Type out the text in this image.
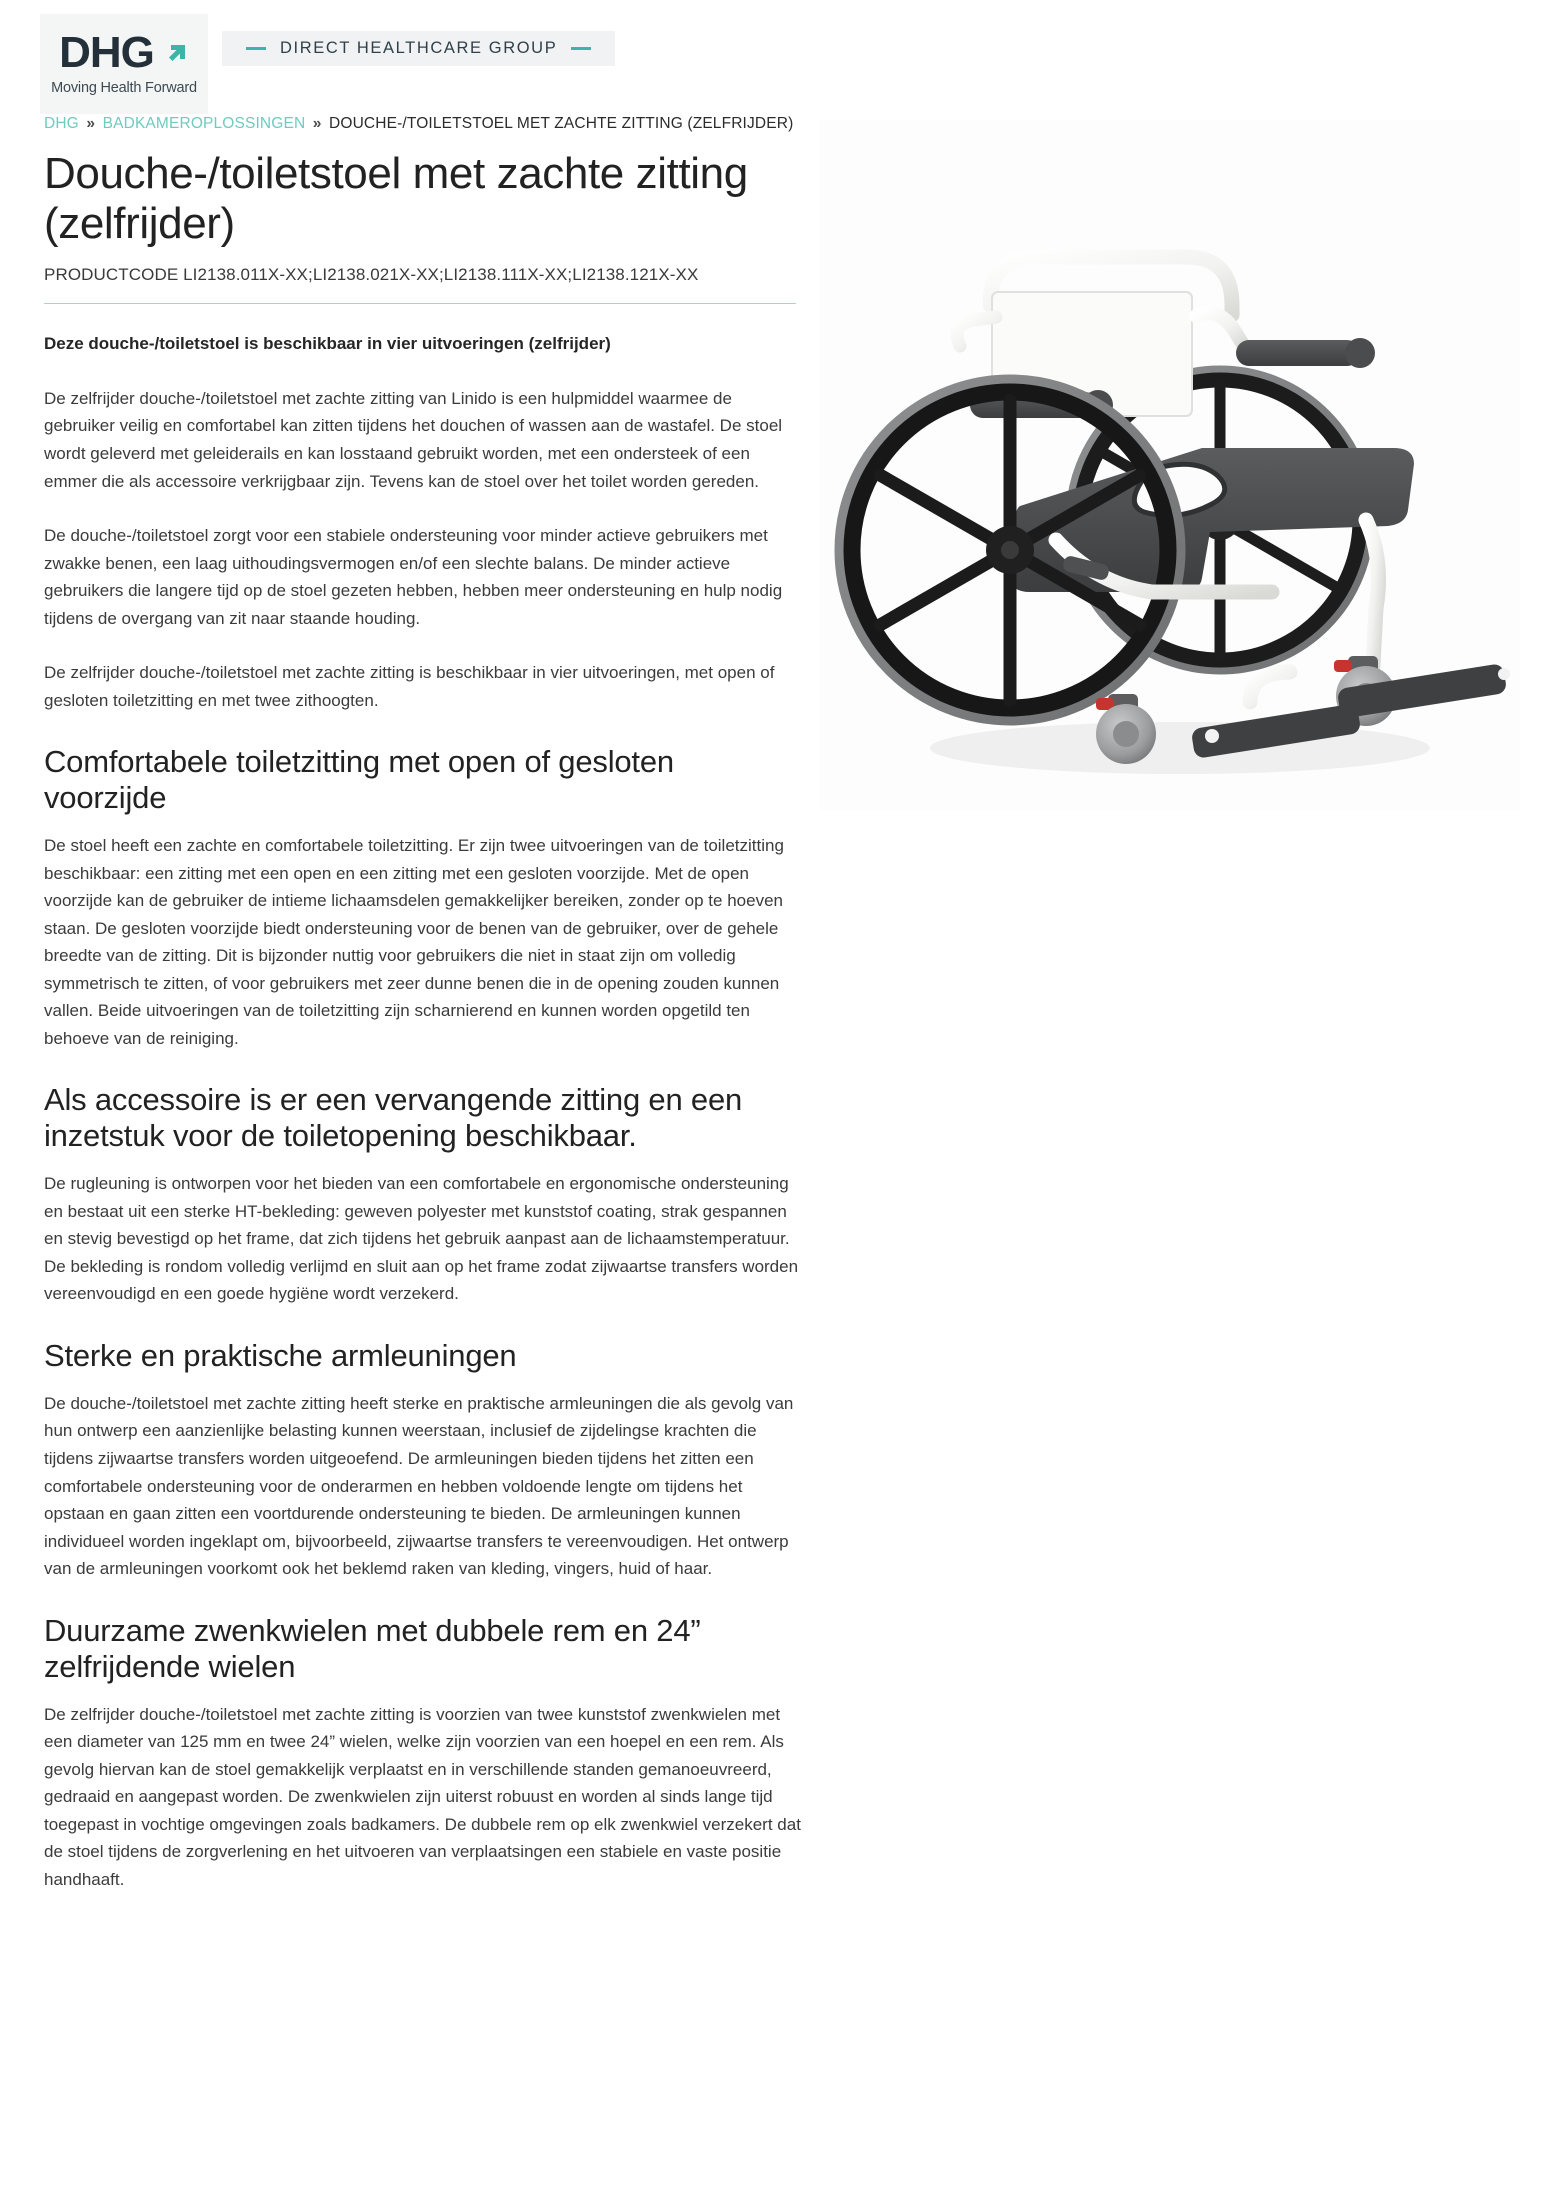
DHG
Moving Health Forward
DIRECT HEALTHCARE GROUP
DHG » BADKAMEROPLOSSINGEN » DOUCHE-/TOILETSTOEL MET ZACHTE ZITTING (ZELFRIJDER)
Douche-/toiletstoel met zachte zitting (zelfrijder)
PRODUCTCODE LI2138.011X-XX;LI2138.021X-XX;LI2138.111X-XX;LI2138.121X-XX

Deze douche-/toiletstoel is beschikbaar in vier uitvoeringen (zelfrijder)

De zelfrijder douche-/toiletstoel met zachte zitting van Linido is een hulpmiddel waarmee de gebruiker veilig en comfortabel kan zitten tijdens het douchen of wassen aan de wastafel. De stoel wordt geleverd met geleiderails en kan losstaand gebruikt worden, met een ondersteek of een emmer die als accessoire verkrijgbaar zijn. Tevens kan de stoel over het toilet worden gereden.

De douche-/toiletstoel zorgt voor een stabiele ondersteuning voor minder actieve gebruikers met zwakke benen, een laag uithoudingsvermogen en/of een slechte balans. De minder actieve gebruikers die langere tijd op de stoel gezeten hebben, hebben meer ondersteuning en hulp nodig tijdens de overgang van zit naar staande houding.

De zelfrijder douche-/toiletstoel met zachte zitting is beschikbaar in vier uitvoeringen, met open of gesloten toiletzitting en met twee zithoogten.

Comfortabele toiletzitting met open of gesloten voorzijde

De stoel heeft een zachte en comfortabele toiletzitting. Er zijn twee uitvoeringen van de toiletzitting beschikbaar: een zitting met een open en een zitting met een gesloten voorzijde. Met de open voorzijde kan de gebruiker de intieme lichaamsdelen gemakkelijker bereiken, zonder op te hoeven staan. De gesloten voorzijde biedt ondersteuning voor de benen van de gebruiker, over de gehele breedte van de zitting. Dit is bijzonder nuttig voor gebruikers die niet in staat zijn om volledig symmetrisch te zitten, of voor gebruikers met zeer dunne benen die in de opening zouden kunnen vallen. Beide uitvoeringen van de toiletzitting zijn scharnierend en kunnen worden opgetild ten behoeve van de reiniging.

Als accessoire is er een vervangende zitting en een inzetstuk voor de toiletopening beschikbaar.

De rugleuning is ontworpen voor het bieden van een comfortabele en ergonomische ondersteuning en bestaat uit een sterke HT-bekleding: geweven polyester met kunststof coating, strak gespannen en stevig bevestigd op het frame, dat zich tijdens het gebruik aanpast aan de lichaamstemperatuur. De bekleding is rondom volledig verlijmd en sluit aan op het frame zodat zijwaartse transfers worden vereenvoudigd en een goede hygiëne wordt verzekerd.

Sterke en praktische armleuningen

De douche-/toiletstoel met zachte zitting heeft sterke en praktische armleuningen die als gevolg van hun ontwerp een aanzienlijke belasting kunnen weerstaan, inclusief de zijdelingse krachten die tijdens zijwaartse transfers worden uitgeoefend. De armleuningen bieden tijdens het zitten een comfortabele ondersteuning voor de onderarmen en hebben voldoende lengte om tijdens het opstaan en gaan zitten een voortdurende ondersteuning te bieden. De armleuningen kunnen individueel worden ingeklapt om, bijvoorbeeld, zijwaartse transfers te vereenvoudigen. Het ontwerp van de armleuningen voorkomt ook het beklemd raken van kleding, vingers, huid of haar.

Duurzame zwenkwielen met dubbele rem en 24” zelfrijdende wielen

De zelfrijder douche-/toiletstoel met zachte zitting is voorzien van twee kunststof zwenkwielen met een diameter van 125 mm en twee 24” wielen, welke zijn voorzien van een hoepel en een rem. Als gevolg hiervan kan de stoel gemakkelijk verplaatst en in verschillende standen gemanoeuvreerd, gedraaid en aangepast worden. De zwenkwielen zijn uiterst robuust en worden al sinds lange tijd toegepast in vochtige omgevingen zoals badkamers. De dubbele rem op elk zwenkwiel verzekert dat de stoel tijdens de zorgverlening en het uitvoeren van verplaatsingen een stabiele en vaste positie handhaaft.
